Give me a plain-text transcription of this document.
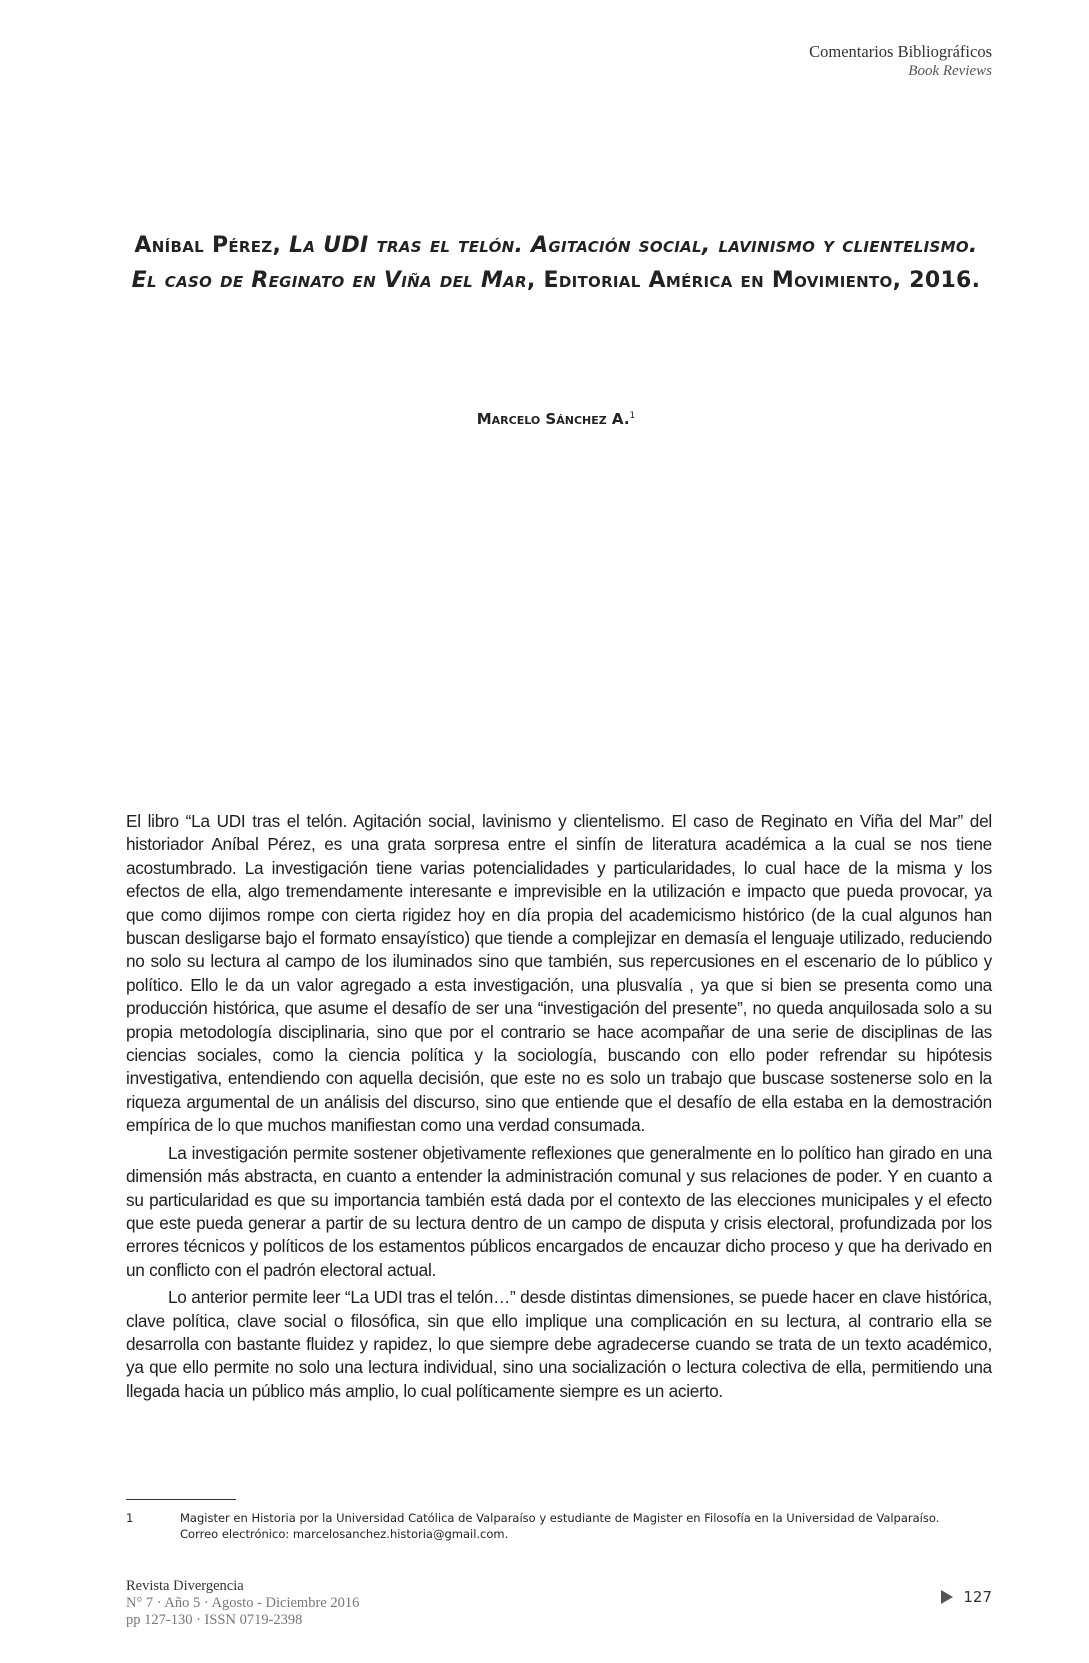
Comentarios Bibliográficos
Book Reviews
Aníbal Pérez, La UDI tras el telón. Agitación social, lavinismo y clientelismo. El caso de Reginato en Viña del Mar, Editorial América en Movimiento, 2016.
Marcelo Sánchez A.$^1$

El libro “La UDI tras el telón. Agitación social, lavinismo y clientelismo. El caso de Reginato en Viña del Mar” del historiador Aníbal Pérez, es una grata sorpresa entre el sinfín de literatura académica a la cual se nos tiene acostumbrado. La investigación tiene varias potencialidades y particularidades, lo cual hace de la misma y los efectos de ella, algo tremendamente interesante e imprevisible en la utilización e impacto que pueda provocar, ya que como dijimos rompe con cierta rigidez hoy en día propia del academicismo histórico (de la cual algunos han buscan desligarse bajo el formato ensayístico) que tiende a complejizar en demasía el lenguaje utilizado, reduciendo no solo su lectura al campo de los iluminados sino que también, sus repercusiones en el escenario de lo público y político. Ello le da un valor agregado a esta investigación, una plusvalía , ya que si bien se presenta como una producción histórica, que asume el desafío de ser una “investigación del presente”, no queda anquilosada solo a su propia metodología disciplinaria, sino que por el contrario se hace acompañar de una serie de disciplinas de las ciencias sociales, como la ciencia política y la sociología, buscando con ello poder refrendar su hipótesis investigativa, entendiendo con aquella decisión, que este no es solo un trabajo que buscase sostenerse solo en la riqueza argumental de un análisis del discurso, sino que entiende que el desafío de ella estaba en la demostración empírica de lo que muchos manifiestan como una verdad consumada.

La investigación permite sostener objetivamente reflexiones que generalmente en lo político han girado en una dimensión más abstracta, en cuanto a entender la administración comunal y sus relaciones de poder. Y en cuanto a su particularidad es que su importancia también está dada por el contexto de las elecciones municipales y el efecto que este pueda generar a partir de su lectura dentro de un campo de disputa y crisis electoral, profundizada por los errores técnicos y políticos de los estamentos públicos encargados de encauzar dicho proceso y que ha derivado en un conflicto con el padrón electoral actual.

Lo anterior permite leer “La UDI tras el telón…” desde distintas dimensiones, se puede hacer en clave histórica, clave política, clave social o filosófica, sin que ello implique una complicación en su lectura, al contrario ella se desarrolla con bastante fluidez y rapidez, lo que siempre debe agradecerse cuando se trata de un texto académico, ya que ello permite no solo una lectura individual, sino una socialización o lectura colectiva de ella, permitiendo una llegada hacia un público más amplio, lo cual políticamente siempre es un acierto.

1	Magister en Historia por la Universidad Católica de Valparaíso y estudiante de Magister en Filosofía en la Universidad de Valparaíso.
Correo electrónico: marcelosanchez.historia@gmail.com.
Revista Divergencia
N° 7 · Año 5 · Agosto - Diciembre 2016
pp 127-130 · ISSN 0719-2398
127
